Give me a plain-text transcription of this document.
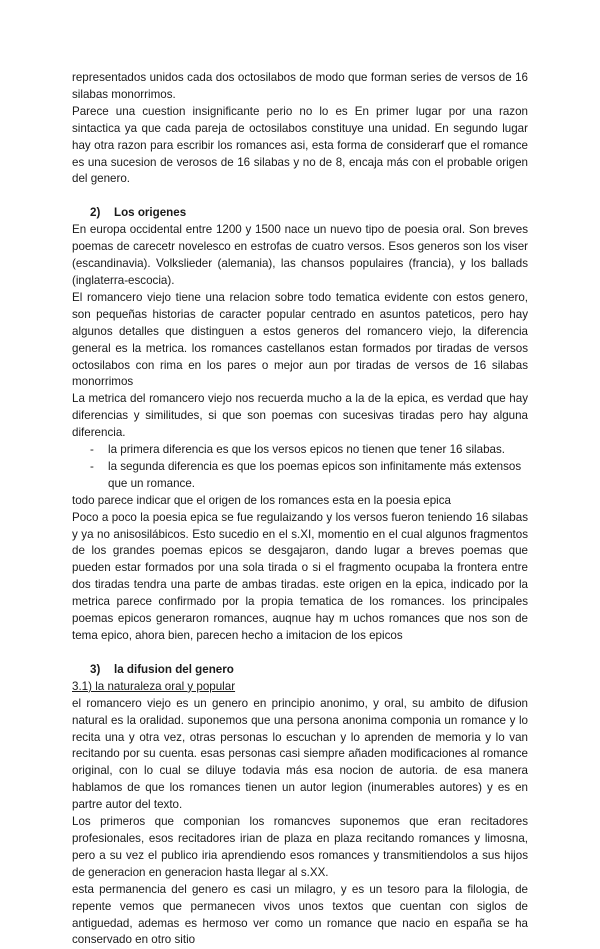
representados unidos cada dos octosilabos de modo que forman series de versos de 16 silabas monorrimos.

Parece una cuestion insignificante perio no lo es En primer lugar por una razon sintactica ya que cada pareja de octosilabos constituye una unidad. En segundo lugar hay otra razon para escribir los romances asi, esta forma de considerarf que el romance es una sucesion de verosos de 16 silabas y no de 8, encaja más con el probable origen del genero.

2) Los origenes

En europa occidental entre 1200 y 1500 nace un nuevo tipo de poesia oral. Son breves poemas de carecetr novelesco en estrofas de cuatro versos. Esos generos son los viser (escandinavia). Volkslieder (alemania), las chansos populaires (francia), y los ballads (inglaterra-escocia).

El romancero viejo tiene una relacion sobre todo tematica evidente con estos genero, son pequeñas historias de caracter popular centrado en asuntos pateticos, pero hay algunos detalles que distinguen a estos generos del romancero viejo, la diferencia general es la metrica. los romances castellanos estan formados por tiradas de versos octosilabos con rima en los pares o mejor aun por tiradas de versos de 16 silabas monorrimos

La metrica del romancero viejo nos recuerda mucho a la de la epica, es verdad que hay diferencias y similitudes, si que son poemas con sucesivas tiradas pero hay alguna diferencia.

- la primera diferencia es que los versos epicos no tienen que tener 16 silabas.
- la segunda diferencia es que los poemas epicos son infinitamente más extensos que un romance.

todo parece indicar que el origen de los romances esta en la poesia epica

Poco a poco la poesia epica se fue regulaizando y los versos fueron teniendo 16 silabas y ya no anisosilábicos. Esto sucedio en el s.XI, momentio en el cual algunos fragmentos de los grandes poemas epicos se desgajaron, dando lugar a breves poemas que pueden estar formados por una sola tirada o si el fragmento ocupaba la frontera entre dos tiradas tendra una parte de ambas tiradas. este origen en la epica, indicado por la metrica parece confirmado por la propia tematica de los romances. los principales poemas epicos generaron romances, auqnue hay m uchos romances que nos son de tema epico, ahora bien, parecen hecho a imitacion de los epicos

3) la difusion del genero

3.1) la naturaleza oral y popular

el romancero viejo es un genero en principio anonimo, y oral, su ambito de difusion natural es la oralidad. suponemos que una persona anonima componia un romance y lo recita una y otra vez, otras personas lo escuchan y lo aprenden de memoria y lo van recitando por su cuenta. esas personas casi siempre añaden modificaciones al romance original, con lo cual se diluye todavia más esa nocion de autoria. de esa manera hablamos de que los romances tienen un autor legion (inumerables autores) y es en partre autor del texto.

Los primeros que componian los romancves suponemos que eran recitadores profesionales, esos recitadores irian de plaza en plaza recitando romances y limosna, pero a su vez el publico iria aprendiendo esos romances y transmitiendolos a sus hijos de generacion en generacion hasta llegar al s.XX.

esta permanencia del genero es casi un milagro, y es un tesoro para la filologia, de repente vemos que permanecen vivos unos textos que cuentan con siglos de antiguedad, ademas es hermoso ver como un romance que nacio en españa se ha conservado en otro sitio
